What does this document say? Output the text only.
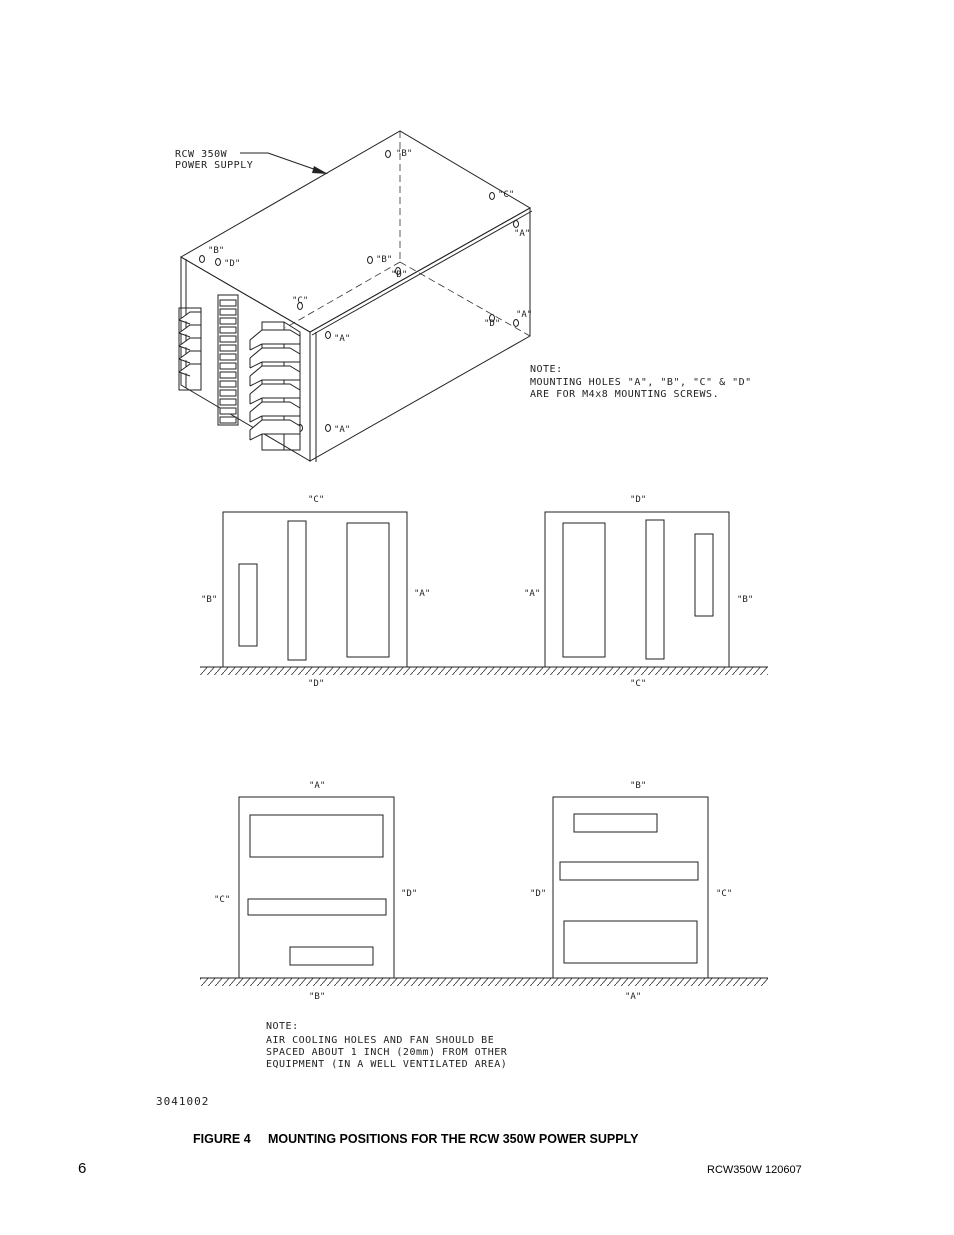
RCW 350W
POWER SUPPLY
"B"
"B"
"D"
"C"
"A"
"B"
"D"
"D"
"A"
"C"
"A"
"A"
NOTE:
MOUNTING HOLES "A", "B", "C" & "D"
ARE FOR M4x8 MOUNTING SCREWS.
"C"
"D"
"B"
"A"
"D"
"C"
"A"
"B"
"A"
"B"
"C"
"D"
"B"
"A"
"D"	"C"
NOTE:
AIR COOLING HOLES AND FAN SHOULD BE
SPACED ABOUT 1 INCH (20mm) FROM OTHER
EQUIPMENT (IN A WELL VENTILATED AREA)
3041002
FIGURE 4     MOUNTING POSITIONS FOR THE RCW 350W POWER SUPPLY
6	RCW350W 120607
